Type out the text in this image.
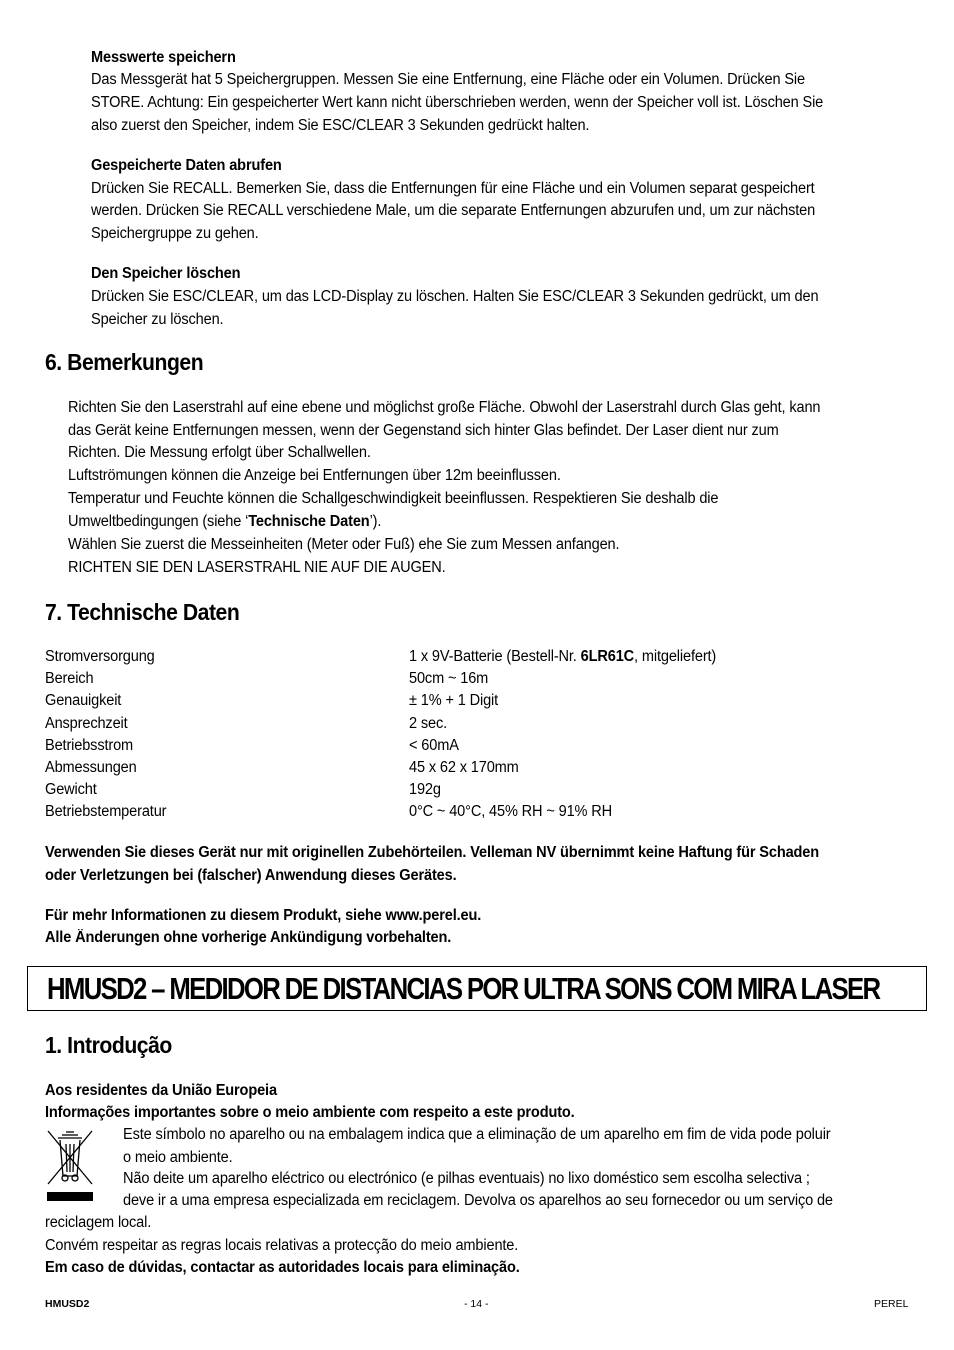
Messwerte speichern
Das Messgerät hat 5 Speichergruppen. Messen Sie eine Entfernung, eine Fläche oder ein Volumen. Drücken Sie
STORE. Achtung: Ein gespeicherter Wert kann nicht überschrieben werden, wenn der Speicher voll ist. Löschen Sie
also zuerst den Speicher, indem Sie ESC/CLEAR 3 Sekunden gedrückt halten.
Gespeicherte Daten abrufen
Drücken Sie RECALL. Bemerken Sie, dass die Entfernungen für eine Fläche und ein Volumen separat gespeichert
werden. Drücken Sie RECALL verschiedene Male, um die separate Entfernungen abzurufen und, um zur nächsten
Speichergruppe zu gehen.
Den Speicher löschen
Drücken Sie ESC/CLEAR, um das LCD-Display zu löschen. Halten Sie ESC/CLEAR 3 Sekunden gedrückt, um den
Speicher zu löschen.
6. Bemerkungen
Richten Sie den Laserstrahl auf eine ebene und möglichst große Fläche. Obwohl der Laserstrahl durch Glas geht, kann
das Gerät keine Entfernungen messen, wenn der Gegenstand sich hinter Glas befindet. Der Laser dient nur zum
Richten. Die Messung erfolgt über Schallwellen.
Luftströmungen können die Anzeige bei Entfernungen über 12m beeinflussen.
Temperatur und Feuchte können die Schallgeschwindigkeit beeinflussen. Respektieren Sie deshalb die
Umweltbedingungen (siehe ‘Technische Daten’).
Wählen Sie zuerst die Messeinheiten (Meter oder Fuß) ehe Sie zum Messen anfangen.
RICHTEN SIE DEN LASERSTRAHL NIE AUF DIE AUGEN.
7. Technische Daten
Stromversorgung	1 x 9V-Batterie (Bestell-Nr. 6LR61C, mitgeliefert)
Bereich	50cm ~ 16m
Genauigkeit	± 1% + 1 Digit
Ansprechzeit	2 sec.
Betriebsstrom	< 60mA
Abmessungen	45 x 62 x 170mm
Gewicht	192g
Betriebstemperatur	0°C ~ 40°C, 45% RH ~ 91% RH
Verwenden Sie dieses Gerät nur mit originellen Zubehörteilen. Velleman NV übernimmt keine Haftung für Schaden
oder Verletzungen bei (falscher) Anwendung dieses Gerätes.
Für mehr Informationen zu diesem Produkt, siehe www.perel.eu.
Alle Änderungen ohne vorherige Ankündigung vorbehalten.
HMUSD2 – MEDIDOR DE DISTANCIAS POR ULTRA SONS COM MIRA LASER
1. Introdução
Aos residentes da União Europeia
Informações importantes sobre o meio ambiente com respeito a este produto.
Este símbolo no aparelho ou na embalagem indica que a eliminação de um aparelho em fim de vida pode poluir
o meio ambiente.
Não deite um aparelho eléctrico ou electrónico (e pilhas eventuais) no lixo doméstico sem escolha selectiva ;
deve ir a uma empresa especializada em reciclagem. Devolva os aparelhos ao seu fornecedor ou um serviço de
reciclagem local.
Convém respeitar as regras locais relativas a protecção do meio ambiente.
Em caso de dúvidas, contactar as autoridades locais para eliminação.
HMUSD2	- 14 -	PEREL
